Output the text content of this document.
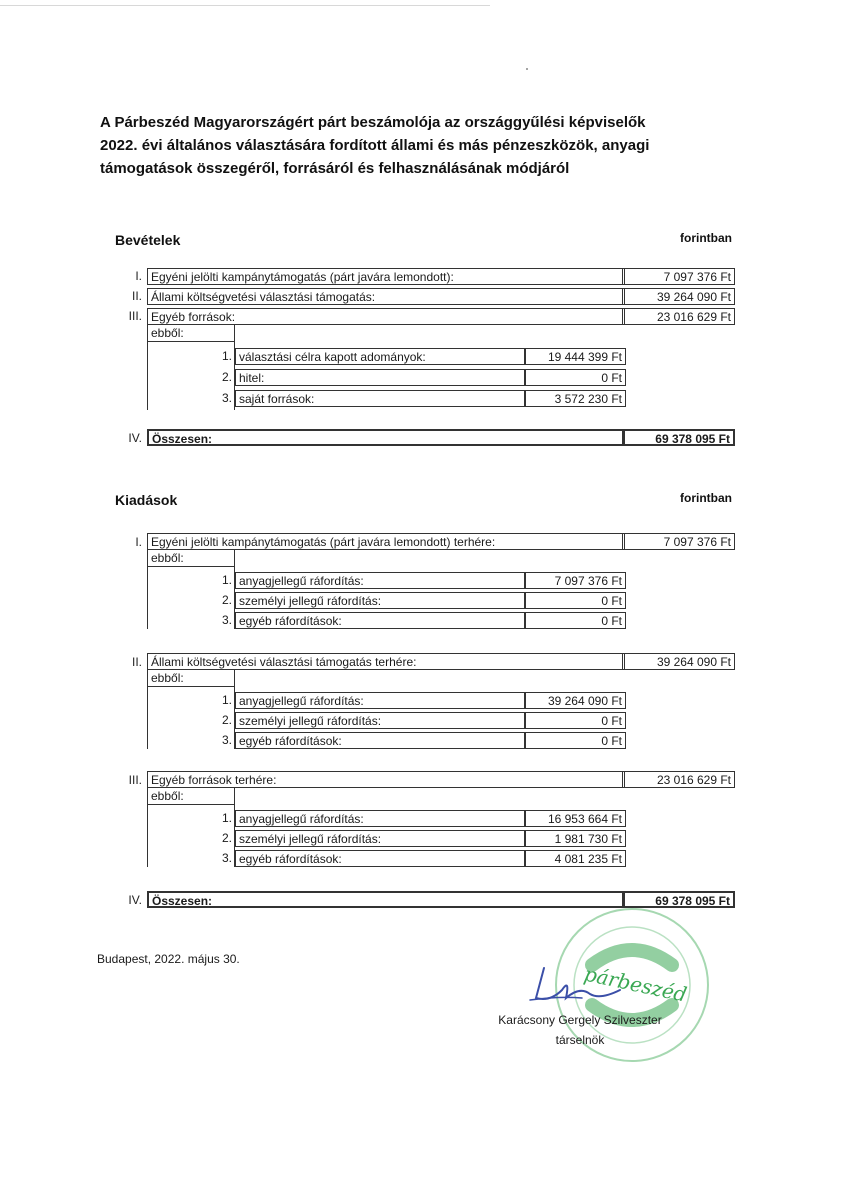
A Párbeszéd Magyarországért párt beszámolója az országgyűlési képviselők
2022. évi általános választására fordított állami és más pénzeszközök, anyagi
támogatások összegéről, forrásáról és felhasználásának módjáról
Bevételek	forintban
I. Egyéni jelölti kampánytámogatás (párt javára lemondott):	7 097 376 Ft
II. Állami költségvetési választási támogatás:	39 264 090 Ft
III. Egyéb források:	23 016 629 Ft
ebből:
1. választási célra kapott adományok:	19 444 399 Ft
2. hitel:	0 Ft
3. saját források:	3 572 230 Ft
IV. Összesen:	69 378 095 Ft
Kiadások	forintban
I. Egyéni jelölti kampánytámogatás (párt javára lemondott) terhére:	7 097 376 Ft
ebből:
1. anyagjellegű ráfordítás:	7 097 376 Ft
2. személyi jellegű ráfordítás:	0 Ft
3. egyéb ráfordítások:	0 Ft
II. Állami költségvetési választási támogatás terhére:	39 264 090 Ft
ebből:
1. anyagjellegű ráfordítás:	39 264 090 Ft
2. személyi jellegű ráfordítás:	0 Ft
3. egyéb ráfordítások:	0 Ft
III. Egyéb források terhére:	23 016 629 Ft
ebből:
1. anyagjellegű ráfordítás:	16 953 664 Ft
2. személyi jellegű ráfordítás:	1 981 730 Ft
3. egyéb ráfordítások:	4 081 235 Ft
IV. Összesen:	69 378 095 Ft
Budapest, 2022. május 30.
párbeszéd
Karácsony Gergely Szilveszter
társelnök
